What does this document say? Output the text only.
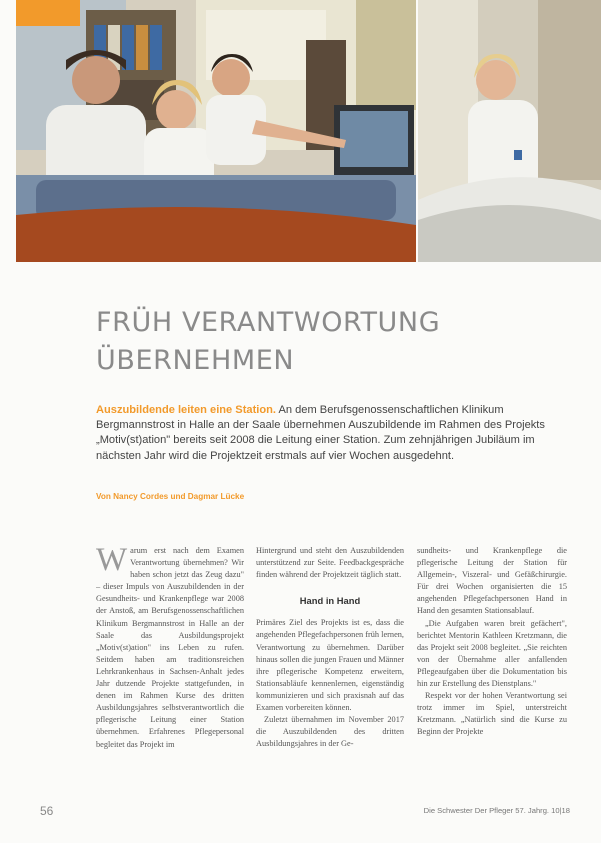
FRÜH VERANTWORTUNG
ÜBERNEHMEN

Auszubildende leiten eine Station. An dem Berufsgenossenschaftlichen Klinikum Bergmannstrost in Halle an der Saale übernehmen Auszubildende im Rahmen des Projekts „Motiv(st)ation" bereits seit 2008 die Leitung einer Station. Zum zehnjährigen Jubiläum im nächsten Jahr wird die Projektzeit erstmals auf vier Wochen ausgedehnt.

Von Nancy Cordes und Dagmar Lücke

W arum erst nach dem Examen Verantwortung übernehmen? Wir haben schon jetzt das Zeug dazu" – dieser Impuls von Auszubildenden in der Gesundheits- und Krankenpflege war 2008 der Anstoß, am Berufsgenossenschaftlichen Klinikum Bergmannstrost in Halle an der Saale das Ausbildungsprojekt „Motiv(st)ation" ins Leben zu rufen. Seitdem haben am traditionsreichen Lehrkrankenhaus in Sachsen-Anhalt jedes Jahr dutzende Projekte stattgefunden, in denen im Rahmen Kurse des dritten Ausbildungsjahres selbstverantwortlich die pflegerische Leitung einer Station übernehmen. Erfahrenes Pflegepersonal begleitet das Projekt im

Hintergrund und steht den Auszubildenden unterstützend zur Seite. Feedbackgespräche finden während der Projektzeit täglich statt.

Hand in Hand

Primäres Ziel des Projekts ist es, dass die angehenden Pflegefachpersonen früh lernen, Verantwortung zu übernehmen. Darüber hinaus sollen die jungen Frauen und Männer ihre pflegerische Kompetenz erweitern, Stationsabläufe kennenlernen, eigenständig kommunizieren und sich praxisnah auf das Examen vorbereiten können.

Zuletzt übernahmen im November 2017 die Auszubildenden des dritten Ausbildungsjahres in der Ge-

sundheits- und Krankenpflege die pflegerische Leitung der Station für Allgemein-, Viszeral- und Gefäßchirurgie. Für drei Wochen organisierten die 15 angehenden Pflegefachpersonen Hand in Hand den gesamten Stationsablauf.

„Die Aufgaben waren breit gefächert", berichtet Mentorin Kathleen Kretzmann, die das Projekt seit 2008 begleitet. „Sie reichten von der Übernahme aller anfallenden Pflegeaufgaben über die Dokumentation bis hin zur Erstellung des Dienstplans."

Respekt vor der hohen Verantwortung sei trotz immer im Spiel, unterstreicht Kretzmann. „Natürlich sind die Kurse zu Beginn der Projekte

56	Die Schwester Der Pfleger 57. Jahrg. 10|18
